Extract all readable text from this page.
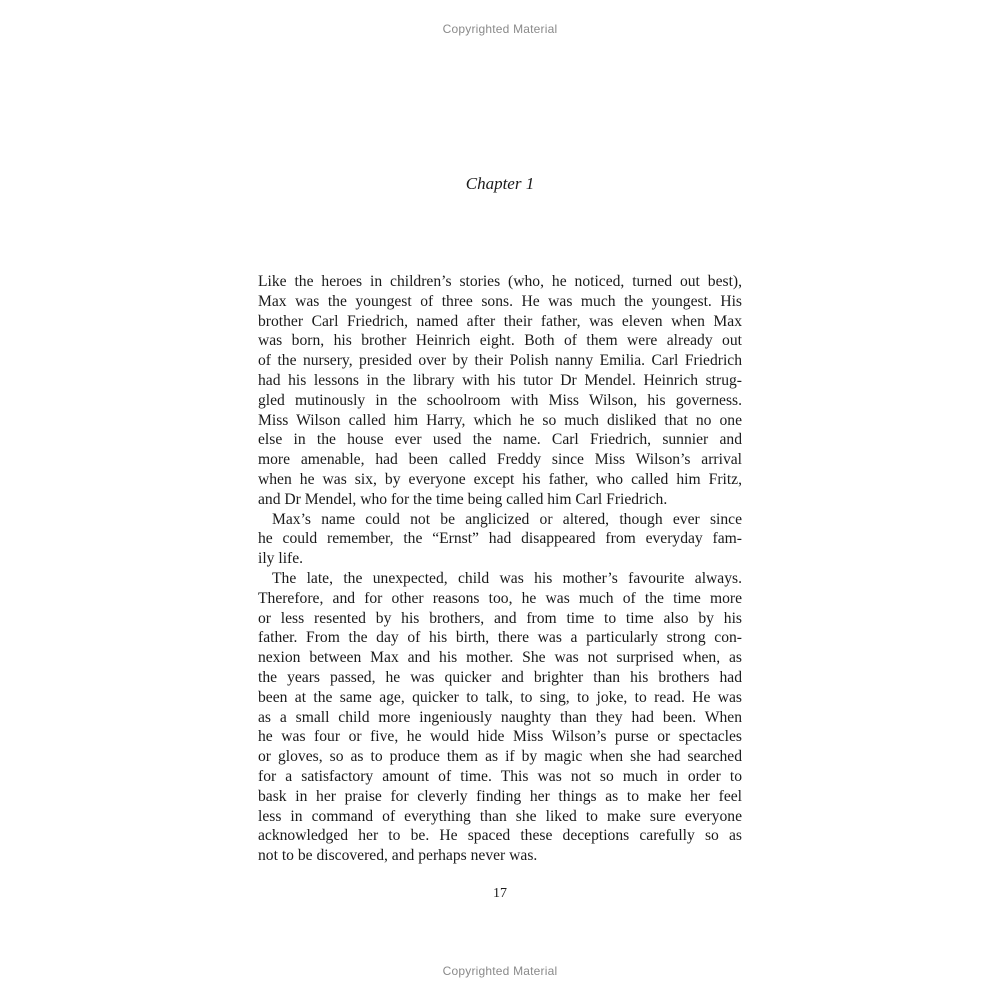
Copyrighted Material
Chapter 1
Like the heroes in children’s stories (who, he noticed, turned out best),
Max was the youngest of three sons. He was much the youngest. His
brother Carl Friedrich, named after their father, was eleven when Max
was born, his brother Heinrich eight. Both of them were already out
of the nursery, presided over by their Polish nanny Emilia. Carl Friedrich
had his lessons in the library with his tutor Dr Mendel. Heinrich strug-
gled mutinously in the schoolroom with Miss Wilson, his governess.
Miss Wilson called him Harry, which he so much disliked that no one
else in the house ever used the name. Carl Friedrich, sunnier and
more amenable, had been called Freddy since Miss Wilson’s arrival
when he was six, by everyone except his father, who called him Fritz,
and Dr Mendel, who for the time being called him Carl Friedrich.
Max’s name could not be anglicized or altered, though ever since
he could remember, the “Ernst” had disappeared from everyday fam-
ily life.
The late, the unexpected, child was his mother’s favourite always.
Therefore, and for other reasons too, he was much of the time more
or less resented by his brothers, and from time to time also by his
father. From the day of his birth, there was a particularly strong con-
nexion between Max and his mother. She was not surprised when, as
the years passed, he was quicker and brighter than his brothers had
been at the same age, quicker to talk, to sing, to joke, to read. He was
as a small child more ingeniously naughty than they had been. When
he was four or five, he would hide Miss Wilson’s purse or spectacles
or gloves, so as to produce them as if by magic when she had searched
for a satisfactory amount of time. This was not so much in order to
bask in her praise for cleverly finding her things as to make her feel
less in command of everything than she liked to make sure everyone
acknowledged her to be. He spaced these deceptions carefully so as
not to be discovered, and perhaps never was.
17
Copyrighted Material
